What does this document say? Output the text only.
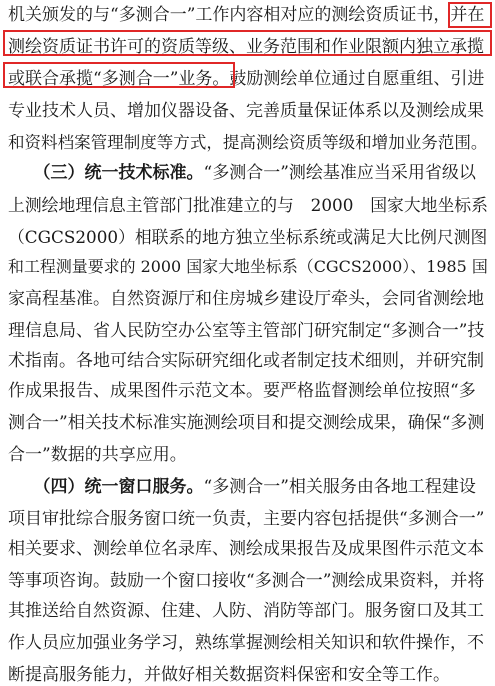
机关颁发的与“多测合一”工作内容相对应的测绘资质证书，并在
测绘资质证书许可的资质等级、业务范围和作业限额内独立承揽
或联合承揽“多测合一”业务。鼓励测绘单位通过自愿重组、引进
专业技术人员、增加仪器设备、完善质量保证体系以及测绘成果
和资料档案管理制度等方式，提高测绘资质等级和增加业务范围。
　　（三）统一技术标准。“多测合一”测绘基准应当采用省级以
上测绘地理信息主管部门批准建立的与　2000　国家大地坐标系
（CGCS2000）相联系的地方独立坐标系统或满足大比例尺测图
和工程测量要求的 2000 国家大地坐标系（CGCS2000）、1985 国
家高程基准。自然资源厅和住房城乡建设厅牵头，会同省测绘地
理信息局、省人民防空办公室等主管部门研究制定“多测合一”技
术指南。各地可结合实际研究细化或者制定技术细则，并研究制
作成果报告、成果图件示范文本。要严格监督测绘单位按照“多
测合一”相关技术标准实施测绘项目和提交测绘成果，确保“多测
合一”数据的共享应用。
　　（四）统一窗口服务。“多测合一”相关服务由各地工程建设
项目审批综合服务窗口统一负责，主要内容包括提供“多测合一”
相关要求、测绘单位名录库、测绘成果报告及成果图件示范文本
等事项咨询。鼓励一个窗口接收“多测合一”测绘成果资料，并将
其推送给自然资源、住建、人防、消防等部门。服务窗口及其工
作人员应加强业务学习，熟练掌握测绘相关知识和软件操作，不
断提高服务能力，并做好相关数据资料保密和安全等工作。
